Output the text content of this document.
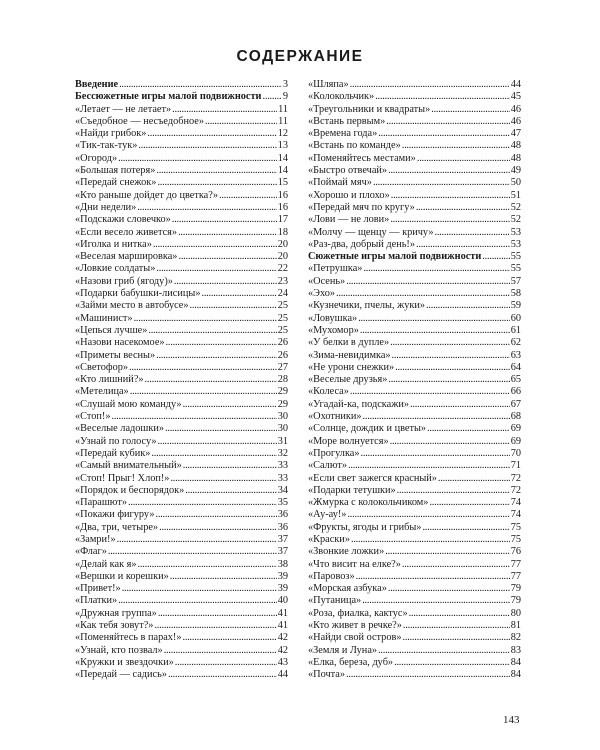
СОДЕРЖАНИЕ
Введение . . .	3
Бессюжетные игры малой подвижности . . . 9
«Летает — не летает» . . .	11
«Съедобное — несъедобное» . . .	11
«Найди грибок» . . .	12
«Тик-так-тук» . . .	13
«Огород» . . .	14
«Большая потеря» . . .	14
«Передай снежок» . . .	15
«Кто раньше дойдет до цветка?» . . .	16
«Дни недели» . . .	16
«Подскажи словечко» . . .	17
«Если весело живется» . . .	18
«Иголка и нитка» . . .	20
«Веселая маршировка» . . .	20
«Ловкие солдаты» . . .	22
«Назови гриб (ягоду)» . . .	23
«Подарки бабушки-лисицы» . . .	24
«Займи место в автобусе» . . .	25
«Машинист» . . .	25
«Цепься лучше» . . .	25
«Назови насекомое» . . .	26
«Приметы весны» . . .	26
«Светофор» . . .	27
«Кто лишний?» . . .	28
«Метелица» . . .	29
«Слушай мою команду» . . .	29
«Стоп!» . . .	30
«Веселые ладошки» . . .	30
«Узнай по голосу» . . .	31
«Передай кубик» . . .	32
«Самый внимательный» . . .	33
«Стоп! Прыг! Хлоп!» . . .	33
«Порядок и беспорядок» . . .	34
«Парашют» . . .	35
«Покажи фигуру» . . .	36
«Два, три, четыре» . . .	36
«Замри!» . . .	37
«Флаг» . . .	37
«Делай как я» . . .	38
«Вершки и корешки» . . .	39
«Привет!» . . .	39
«Платки» . . .	40
«Дружная группа» . . .	41
«Как тебя зовут?» . . .	41
«Поменяйтесь в парах!» . . .	42
«Узнай, кто позвал» . . .	42
«Кружки и звездочки» . . .	43
«Передай — садись» . . .	44
«Шляпа» . . .	44
«Колокольчик» . . .	45
«Треугольники и квадраты» . . .	46
«Встань первым» . . .	46
«Времена года» . . .	47
«Встань по команде» . . .	48
«Поменяйтесь местами» . . .	48
«Быстро отвечай» . . .	49
«Поймай мяч» . . .	50
«Хорошо и плохо» . . .	51
«Передай мяч по кругу» . . .	52
«Лови — не лови» . . .	52
«Молчу — щенцу — кричу» . . .	53
«Раз-два, добрый день!» . . .	53
Сюжетные игры малой подвижности . . .	55
«Петрушка» . . .	55
«Осень» . . .	57
«Эхо» . . .	58
«Кузнечики, пчелы, жуки» . . .	59
«Ловушка» . . .	60
«Мухомор» . . .	61
«У белки в дупле» . . .	62
«Зима-невидимка» . . .	63
«Не урони снежки» . . .	64
«Веселые друзья» . . .	65
«Колеса» . . .	66
«Угадай-ка, подскажи» . . .	67
«Охотники» . . .	68
«Солнце, дождик и цветы» . . .	69
«Море волнуется» . . .	69
«Прогулка» . . .	70
«Салют» . . .	71
«Если свет зажегся красный» . . .	72
«Подарки тетушки» . . .	72
«Жмурка с колокольчиком» . . .	74
«Ау-ау!» . . .	74
«Фрукты, ягоды и грибы» . . .	75
«Краски» . . .	75
«Звонкие ложки» . . .	76
«Что висит на елке?» . . .	77
«Паровоз» . . .	77
«Морская азбука» . . .	79
«Путаница» . . .	79
«Роза, фиалка, кактус» . . .	80
«Кто живет в речке?» . . .	81
«Найди свой остров» . . .	82
«Земля и Луна» . . .	83
«Елка, береза, дуб» . . .	84
«Почта» . . .	84
143
